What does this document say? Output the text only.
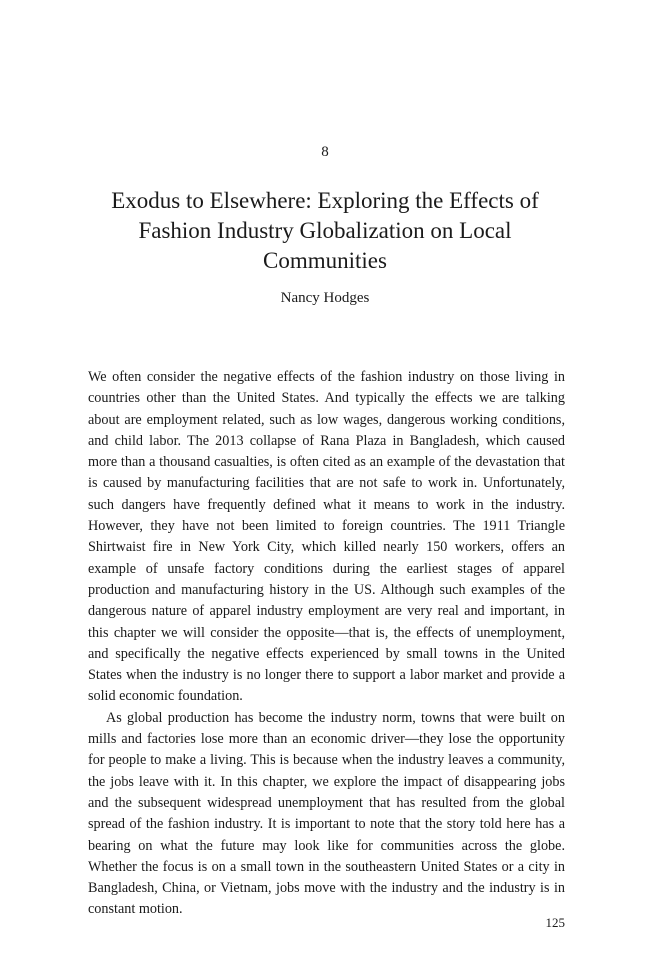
8
Exodus to Elsewhere: Exploring the Effects of Fashion Industry Globalization on Local Communities
Nancy Hodges

We often consider the negative effects of the fashion industry on those living in countries other than the United States. And typically the effects we are talking about are employment related, such as low wages, dangerous working conditions, and child labor. The 2013 collapse of Rana Plaza in Bangladesh, which caused more than a thousand casualties, is often cited as an example of the devastation that is caused by manufacturing facilities that are not safe to work in. Unfortunately, such dangers have frequently defined what it means to work in the industry. However, they have not been limited to foreign countries. The 1911 Triangle Shirtwaist fire in New York City, which killed nearly 150 workers, offers an example of unsafe factory conditions during the earliest stages of apparel production and manufacturing history in the US. Although such examples of the dangerous nature of apparel industry employment are very real and important, in this chapter we will consider the opposite—that is, the effects of unemployment, and specifically the negative effects experienced by small towns in the United States when the industry is no longer there to support a labor market and provide a solid economic foundation.

As global production has become the industry norm, towns that were built on mills and factories lose more than an economic driver—they lose the opportunity for people to make a living. This is because when the industry leaves a community, the jobs leave with it. In this chapter, we explore the impact of disappearing jobs and the subsequent widespread unemployment that has resulted from the global spread of the fashion industry. It is important to note that the story told here has a bearing on what the future may look like for communities across the globe. Whether the focus is on a small town in the southeastern United States or a city in Bangladesh, China, or Vietnam, jobs move with the industry and the industry is in constant motion.

125
